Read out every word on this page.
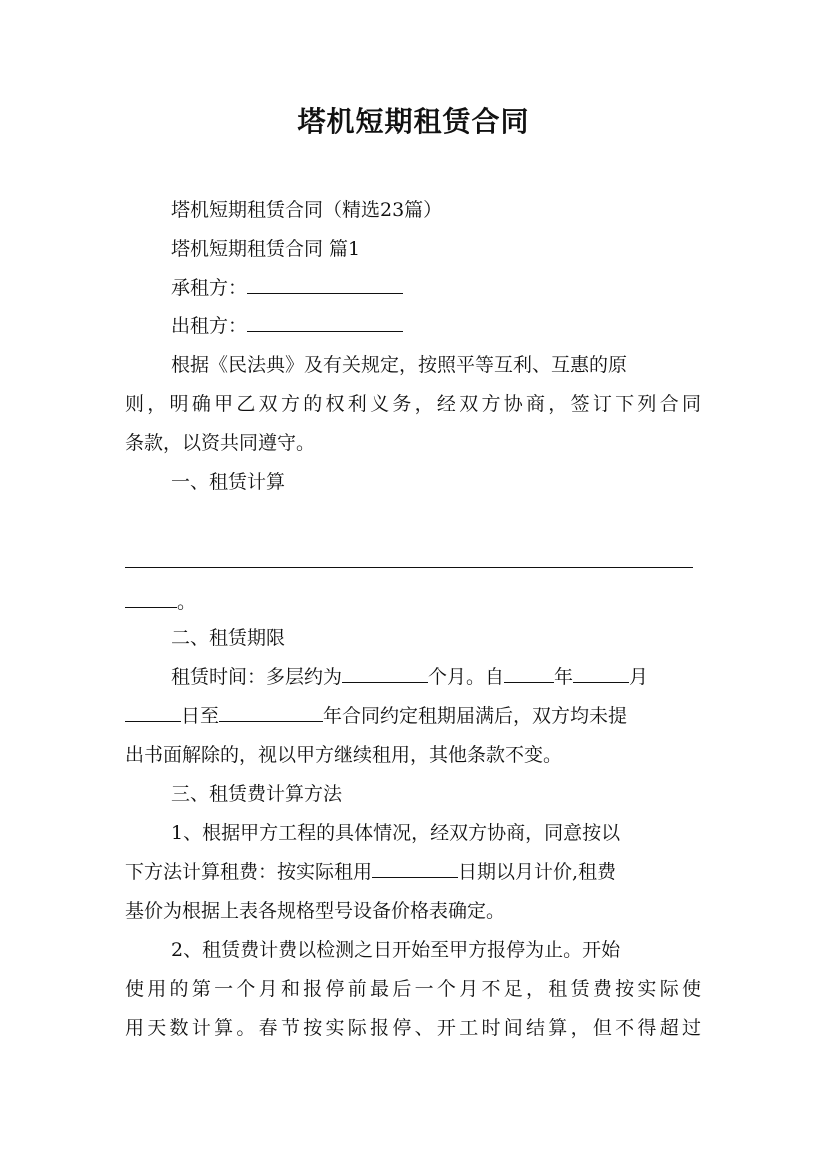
塔机短期租赁合同
塔机短期租赁合同（精选23篇）
塔机短期租赁合同 篇1
承租方：
出租方：
根据《民法典》及有关规定，按照平等互利、互惠的原
则，明确甲乙双方的权利义务，经双方协商，签订下列合同
条款，以资共同遵守。
一、租赁计算
。
二、租赁期限
租赁时间：多层约为	个月。自	年	月
日至	年合同约定租期届满后，双方均未提
出书面解除的，视以甲方继续租用，其他条款不变。
三、租赁费计算方法
1、根据甲方工程的具体情况，经双方协商，同意按以
下方法计算租费：按实际租用	日期以月计价,租费
基价为根据上表各规格型号设备价格表确定。
2、租赁费计费以检测之日开始至甲方报停为止。开始
使用的第一个月和报停前最后一个月不足，租赁费按实际使
用天数计算。春节按实际报停、开工时间结算，但不得超过
